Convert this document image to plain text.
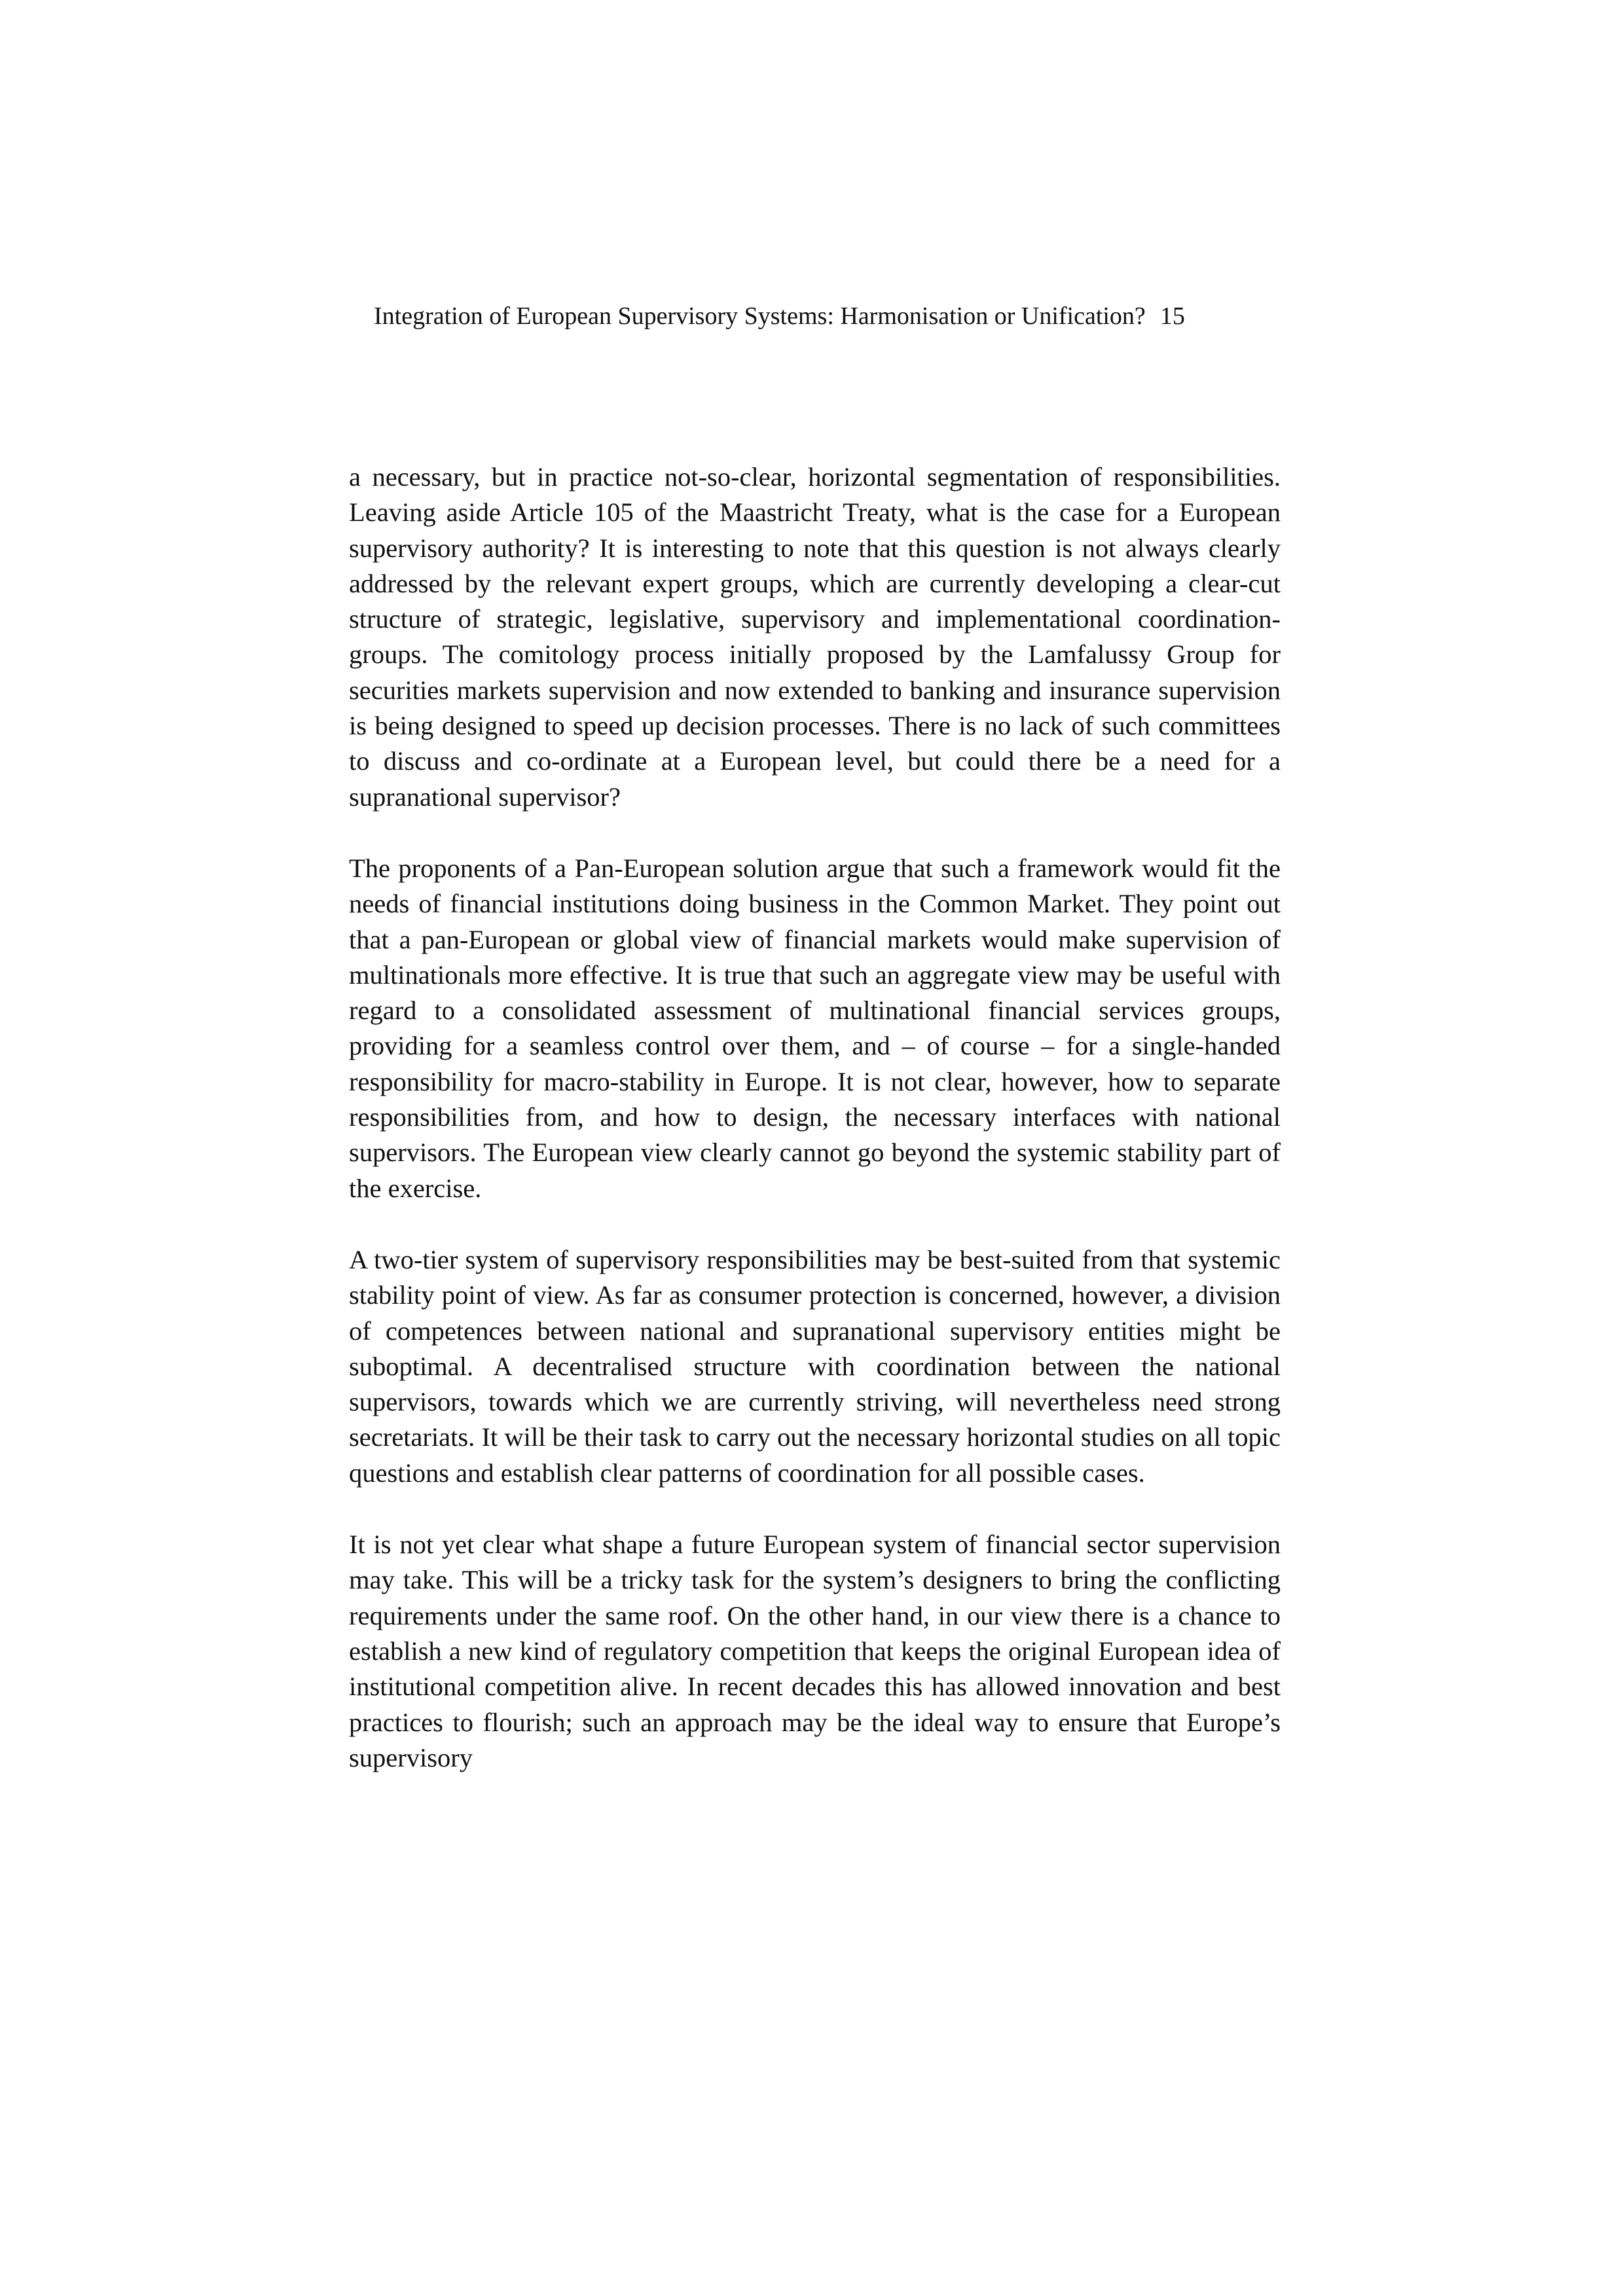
Integration of European Supervisory Systems: Harmonisation or Unification? 15

a necessary, but in practice not-so-clear, horizontal segmentation of responsibilities. Leaving aside Article 105 of the Maastricht Treaty, what is the case for a European supervisory authority? It is interesting to note that this question is not always clearly addressed by the relevant expert groups, which are currently developing a clear-cut structure of strategic, legislative, supervisory and implementational coordination-groups. The comitology process initially proposed by the Lamfalussy Group for securities markets supervision and now extended to banking and insurance supervision is being designed to speed up decision processes. There is no lack of such committees to discuss and co-ordinate at a European level, but could there be a need for a supranational supervisor?

The proponents of a Pan-European solution argue that such a framework would fit the needs of financial institutions doing business in the Common Market. They point out that a pan-European or global view of financial markets would make supervision of multinationals more effective. It is true that such an aggregate view may be useful with regard to a consolidated assessment of multinational financial services groups, providing for a seamless control over them, and – of course – for a single-handed responsibility for macro-stability in Europe. It is not clear, however, how to separate responsibilities from, and how to design, the necessary interfaces with national supervisors. The European view clearly cannot go beyond the systemic stability part of the exercise.

A two-tier system of supervisory responsibilities may be best-suited from that systemic stability point of view. As far as consumer protection is concerned, however, a division of competences between national and supranational supervisory entities might be suboptimal. A decentralised structure with coordination between the national supervisors, towards which we are currently striving, will nevertheless need strong secretariats. It will be their task to carry out the necessary horizontal studies on all topic questions and establish clear patterns of coordination for all possible cases.

It is not yet clear what shape a future European system of financial sector supervision may take. This will be a tricky task for the system’s designers to bring the conflicting requirements under the same roof. On the other hand, in our view there is a chance to establish a new kind of regulatory competition that keeps the original European idea of institutional competition alive. In recent decades this has allowed innovation and best practices to flourish; such an approach may be the ideal way to ensure that Europe’s supervisory
